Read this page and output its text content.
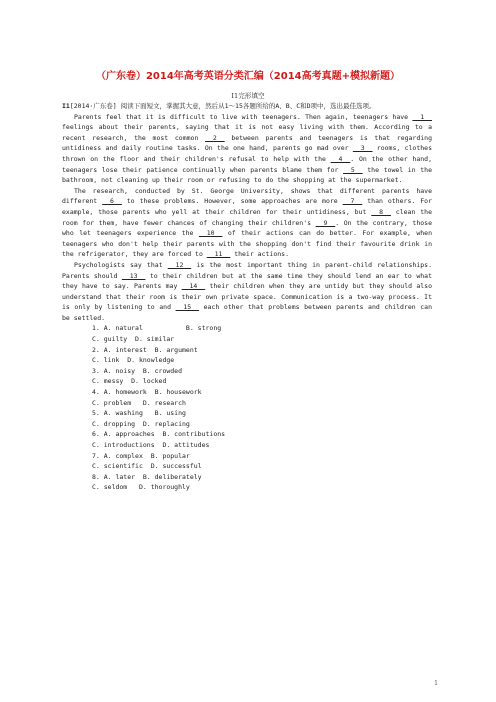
（广东卷）2014年高考英语分类汇编（2014高考真题+模拟新题）
I1完形填空

I1[2014·广东卷] 阅读下面短文，掌握其大意，然后从1～15各题所给的A、B、C和D项中，选出最佳选项。

Parents feel that it is difficult to live with teenagers. Then again, teenagers have __1__ feelings about their parents, saying that it is not easy living with them. According to a recent research, the most common __2__ between parents and teenagers is that regarding untidiness and daily routine tasks. On the one hand, parents go mad over __3__ rooms, clothes thrown on the floor and their children's refusal to help with the __4__. On the other hand, teenagers lose their patience continually when parents blame them for __5__ the towel in the bathroom, not cleaning up their room or refusing to do the shopping at the supermarket.

The research, conducted by St. George University, shows that different parents have different __6__ to these problems. However, some approaches are more __7__ than others. For example, those parents who yell at their children for their untidiness, but __8__ clean the room for them, have fewer chances of changing their children's __9__. On the contrary, those who let teenagers experience the __10__ of their actions can do better. For example, when teenagers who don't help their parents with the shopping don't find their favourite drink in the refrigerator, they are forced to __11__ their actions.

Psychologists say that __12__ is the most important thing in parent-child relationships. Parents should __13__ to their children but at the same time they should lend an ear to what they have to say. Parents may __14__ their children when they are untidy but they should also understand that their room is their own private space. Communication is a two-way process. It is only by listening to and __15__ each other that problems between parents and children can be settled.

1. A. natural           B. strong
C. guilty  D. similar
2. A. interest  B. argument
C. link  D. knowledge
3. A. noisy  B. crowded
C. messy  D. locked
4. A. homework  B. housework
C. problem   D. research
5. A. washing   B. using
C. dropping  D. replacing
6. A. approaches  B. contributions
C. introductions  D. attitudes
7. A. complex  B. popular
C. scientific  D. successful
8. A. later  B. deliberately
C. seldom   D. thoroughly
1
